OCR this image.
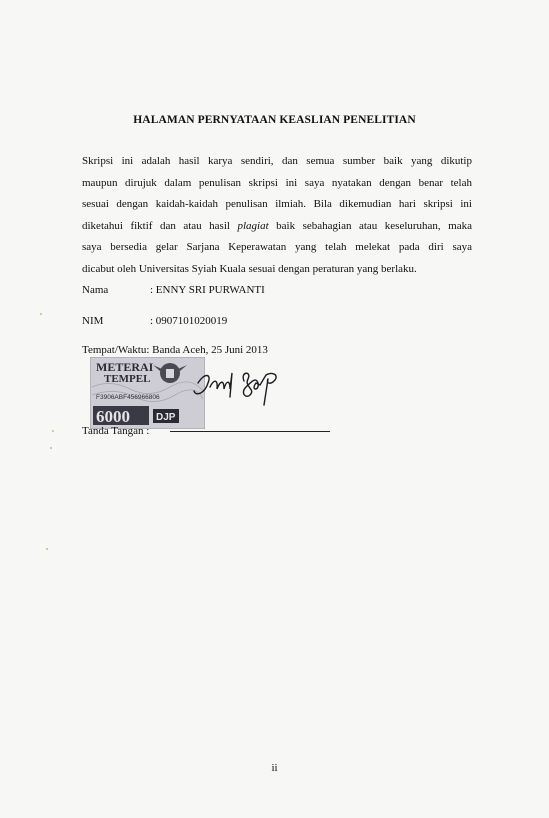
HALAMAN PERNYATAAN KEASLIAN PENELITIAN
Skripsi ini adalah hasil karya sendiri, dan semua sumber baik yang dikutip
maupun dirujuk dalam penulisan skripsi ini saya nyatakan dengan benar telah
sesuai dengan kaidah-kaidah penulisan ilmiah. Bila dikemudian hari skripsi ini
diketahui fiktif dan atau hasil plagiat baik sebahagian atau keseluruhan, maka
saya bersedia gelar Sarjana Keperawatan yang telah melekat pada diri saya
dicabut oleh Universitas Syiah Kuala sesuai dengan peraturan yang berlaku.
Nama	: ENNY SRI PURWANTI
NIM	: 0907101020019
Tempat/Waktu: Banda Aceh, 25 Juni 2013
METERAI
TEMPEL
F3906ABF456966806
6000	DJP
Tanda Tangan :
ii
